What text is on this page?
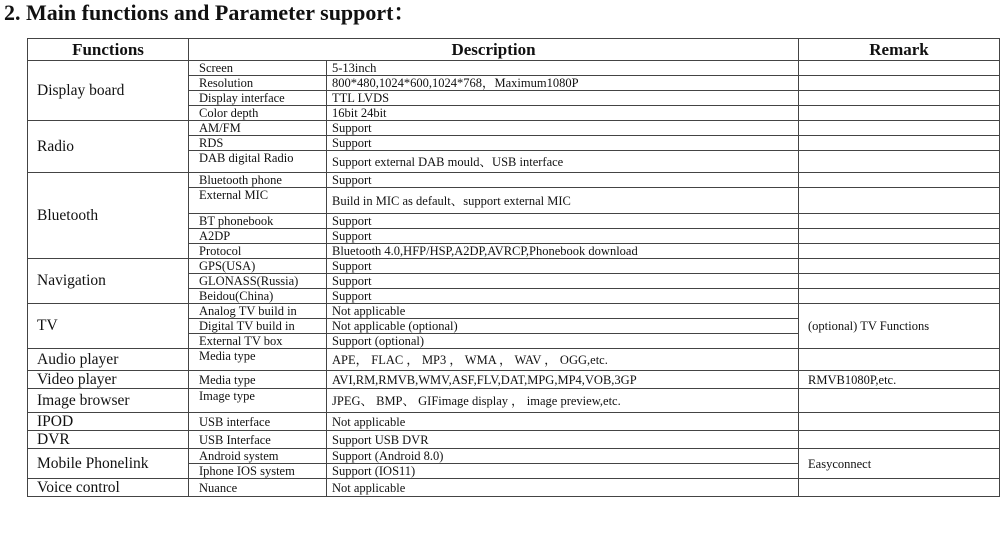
2. Main functions and Parameter support：
Functions	Description		Remark
Display board	Screen	5-13inch	
	Resolution	800*480,1024*600,1024*768，Maximum1080P	
	Display interface	TTL LVDS	
	Color depth	16bit 24bit	
Radio	AM/FM	Support	
	RDS	Support	
	DAB digital Radio	Support external DAB mould、USB interface	
Bluetooth	Bluetooth phone	Support	
	External MIC	Build in MIC as default、support external MIC	
	BT phonebook	Support	
	A2DP	Support	
	Protocol	Bluetooth 4.0,HFP/HSP,A2DP,AVRCP,Phonebook download	
Navigation	GPS(USA)	Support	
	GLONASS(Russia)	Support	
	Beidou(China)	Support	
TV	Analog TV build in	Not applicable	(optional) TV Functions
	Digital TV build in	Not applicable (optional)	
	External TV box	Support (optional)	
Audio player	Media type	APE， FLAC ， MP3 ， WMA ， WAV ， OGG,etc.	
Video player	Media type	AVI,RM,RMVB,WMV,ASF,FLV,DAT,MPG,MP4,VOB,3GP	RMVB1080P,etc.
Image browser	Image type	JPEG、 BMP、 GIFimage display ， image preview,etc.	
IPOD	USB interface	Not applicable	
DVR	USB Interface	Support USB DVR	
Mobile Phonelink	Android system	Support (Android 8.0)	Easyconnect
	Iphone IOS system	Support (IOS11)	
Voice control	Nuance	Not applicable	
